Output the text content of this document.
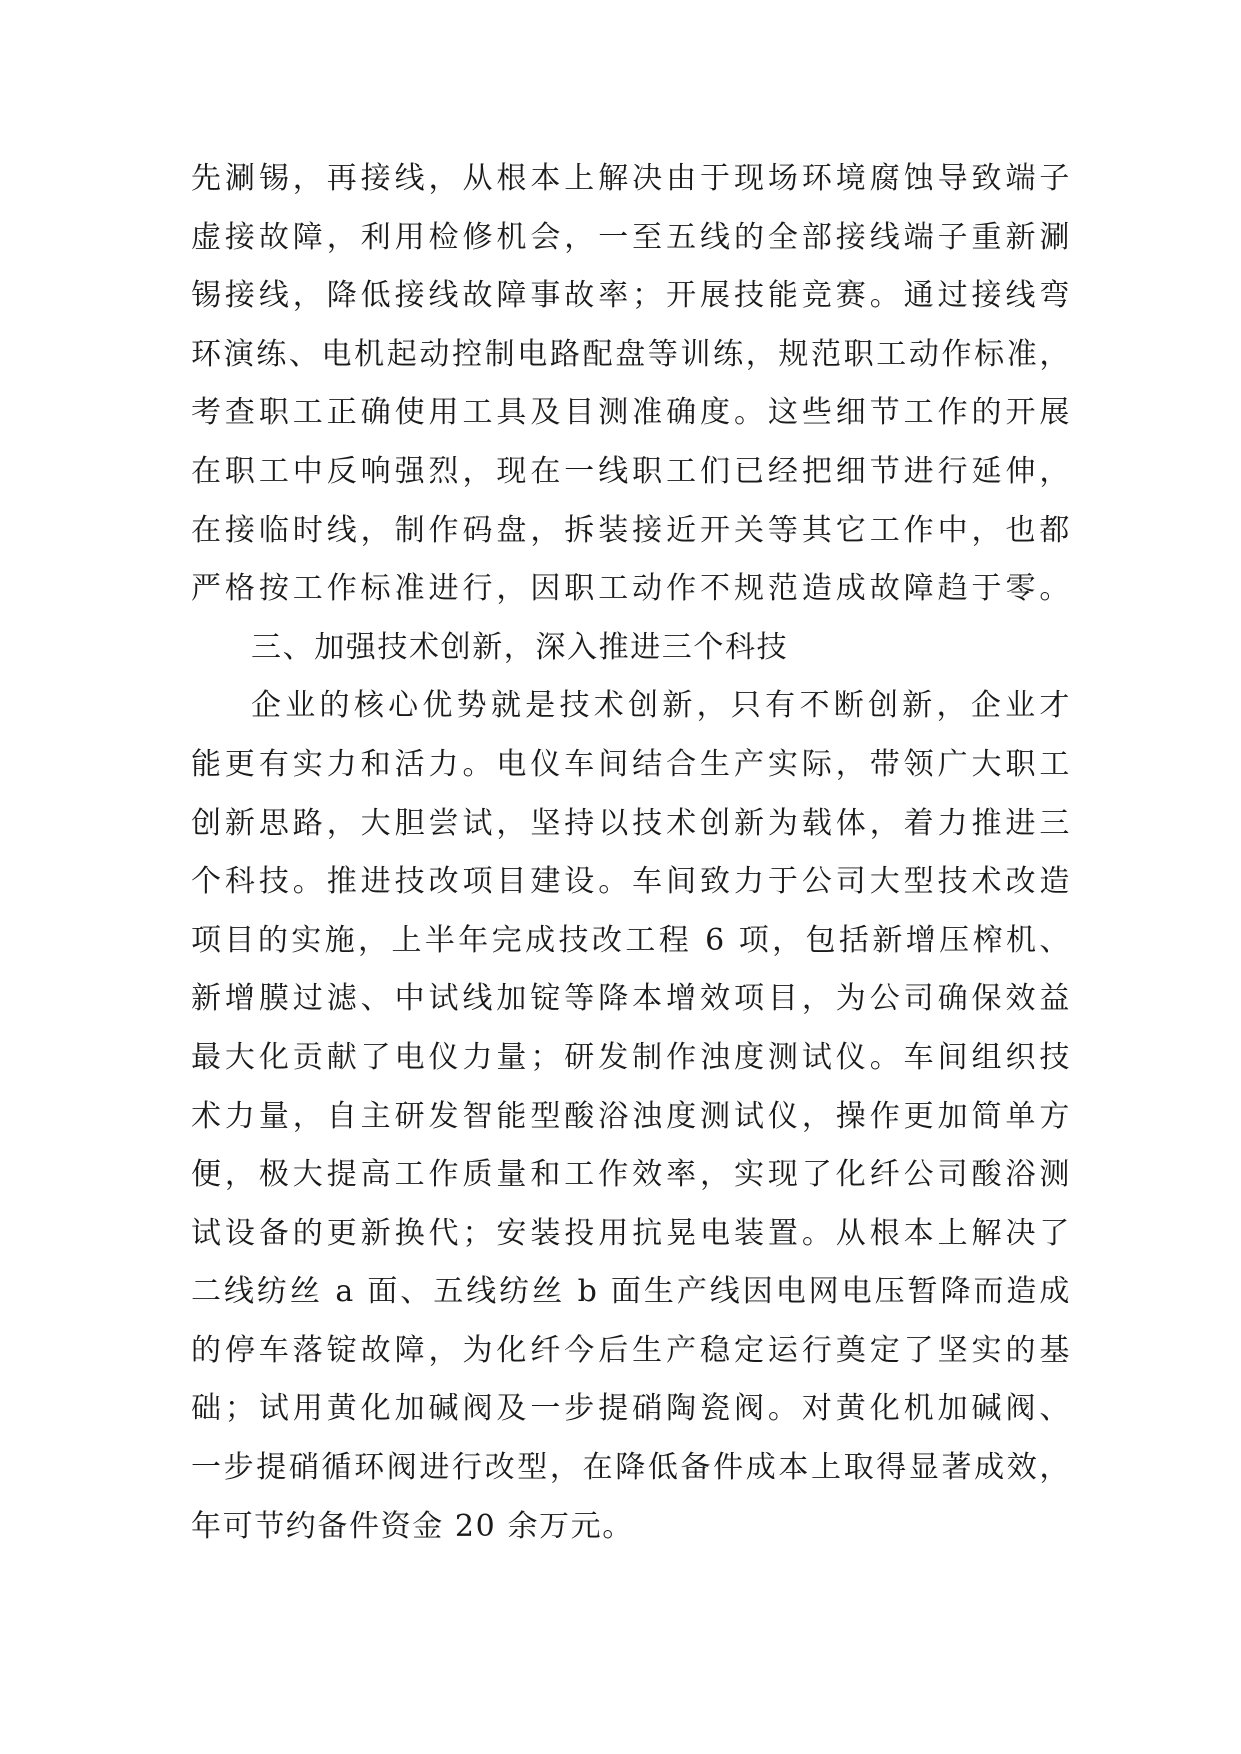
先涮锡，再接线，从根本上解决由于现场环境腐蚀导致端子
虚接故障，利用检修机会，一至五线的全部接线端子重新涮
锡接线，降低接线故障事故率；开展技能竞赛。通过接线弯
环演练、电机起动控制电路配盘等训练，规范职工动作标准，
考查职工正确使用工具及目测准确度。这些细节工作的开展
在职工中反响强烈，现在一线职工们已经把细节进行延伸，
在接临时线，制作码盘，拆装接近开关等其它工作中，也都
严格按工作标准进行，因职工动作不规范造成故障趋于零。
三、加强技术创新，深入推进三个科技
企业的核心优势就是技术创新，只有不断创新，企业才
能更有实力和活力。电仪车间结合生产实际，带领广大职工
创新思路，大胆尝试，坚持以技术创新为载体，着力推进三
个科技。推进技改项目建设。车间致力于公司大型技术改造
项目的实施，上半年完成技改工程 6 项，包括新增压榨机、
新增膜过滤、中试线加锭等降本增效项目，为公司确保效益
最大化贡献了电仪力量；研发制作浊度测试仪。车间组织技
术力量，自主研发智能型酸浴浊度测试仪，操作更加简单方
便，极大提高工作质量和工作效率，实现了化纤公司酸浴测
试设备的更新换代；安装投用抗晃电装置。从根本上解决了
二线纺丝 a 面、五线纺丝 b 面生产线因电网电压暂降而造成
的停车落锭故障，为化纤今后生产稳定运行奠定了坚实的基
础；试用黄化加碱阀及一步提硝陶瓷阀。对黄化机加碱阀、
一步提硝循环阀进行改型，在降低备件成本上取得显著成效，
年可节约备件资金 20 余万元。
